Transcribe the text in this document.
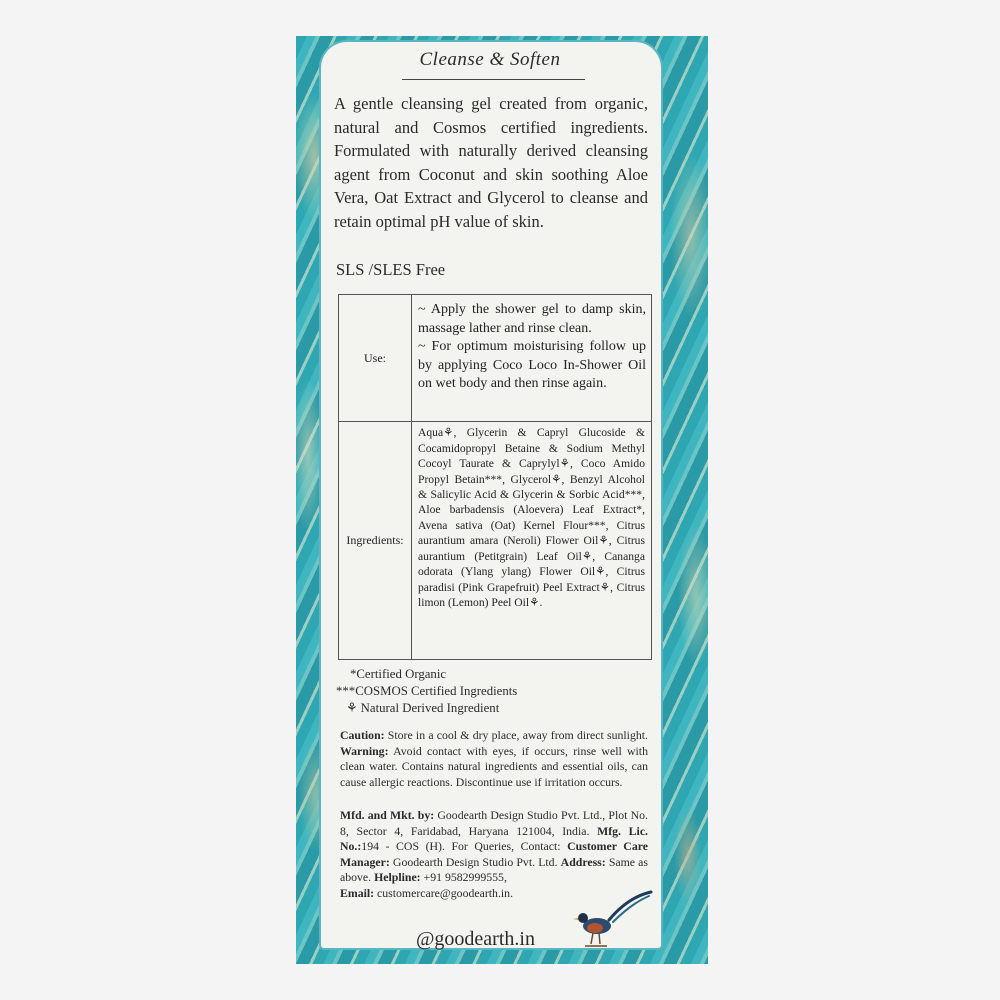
Cleanse & Soften

A gentle cleansing gel created from organic, natural and Cosmos certified ingredients. Formulated with naturally derived cleansing agent from Coconut and skin soothing Aloe Vera, Oat Extract and Glycerol to cleanse and retain optimal pH value of skin.

SLS /SLES Free
Use:	~ Apply the shower gel to damp skin, massage lather and rinse clean.
~ For optimum moisturising follow up by applying Coco Loco In-Shower Oil on wet body and then rinse again.

Ingredients:	Aqua⚘, Glycerin & Capryl Glucoside & Cocamidopropyl Betaine & Sodium Methyl Cocoyl Taurate & Caprylyl⚘, Coco Amido Propyl Betain***, Glycerol⚘, Benzyl Alcohol & Salicylic Acid & Glycerin & Sorbic Acid***, Aloe barbadensis (Aloevera) Leaf Extract*, Avena sativa (Oat) Kernel Flour***, Citrus aurantium amara (Neroli) Flower Oil⚘, Citrus aurantium (Petitgrain) Leaf Oil⚘, Cananga odorata (Ylang ylang) Flower Oil⚘, Citrus paradisi (Pink Grapefruit) Peel Extract⚘, Citrus limon (Lemon) Peel Oil⚘.
*Certified Organic
***COSMOS Certified Ingredients
⚘ Natural Derived Ingredient
Caution: Store in a cool & dry place, away from direct sunlight. Warning: Avoid contact with eyes, if occurs, rinse well with clean water. Contains natural ingredients and essential oils, can cause allergic reactions. Discontinue use if irritation occurs.
Mfd. and Mkt. by: Goodearth Design Studio Pvt. Ltd., Plot No. 8, Sector 4, Faridabad, Haryana 121004, India. Mfg. Lic. No.:194 - COS (H). For Queries, Contact: Customer Care Manager: Goodearth Design Studio Pvt. Ltd. Address: Same as above. Helpline: +91 9582999555,
Email: customercare@goodearth.in.
@goodearth.in
